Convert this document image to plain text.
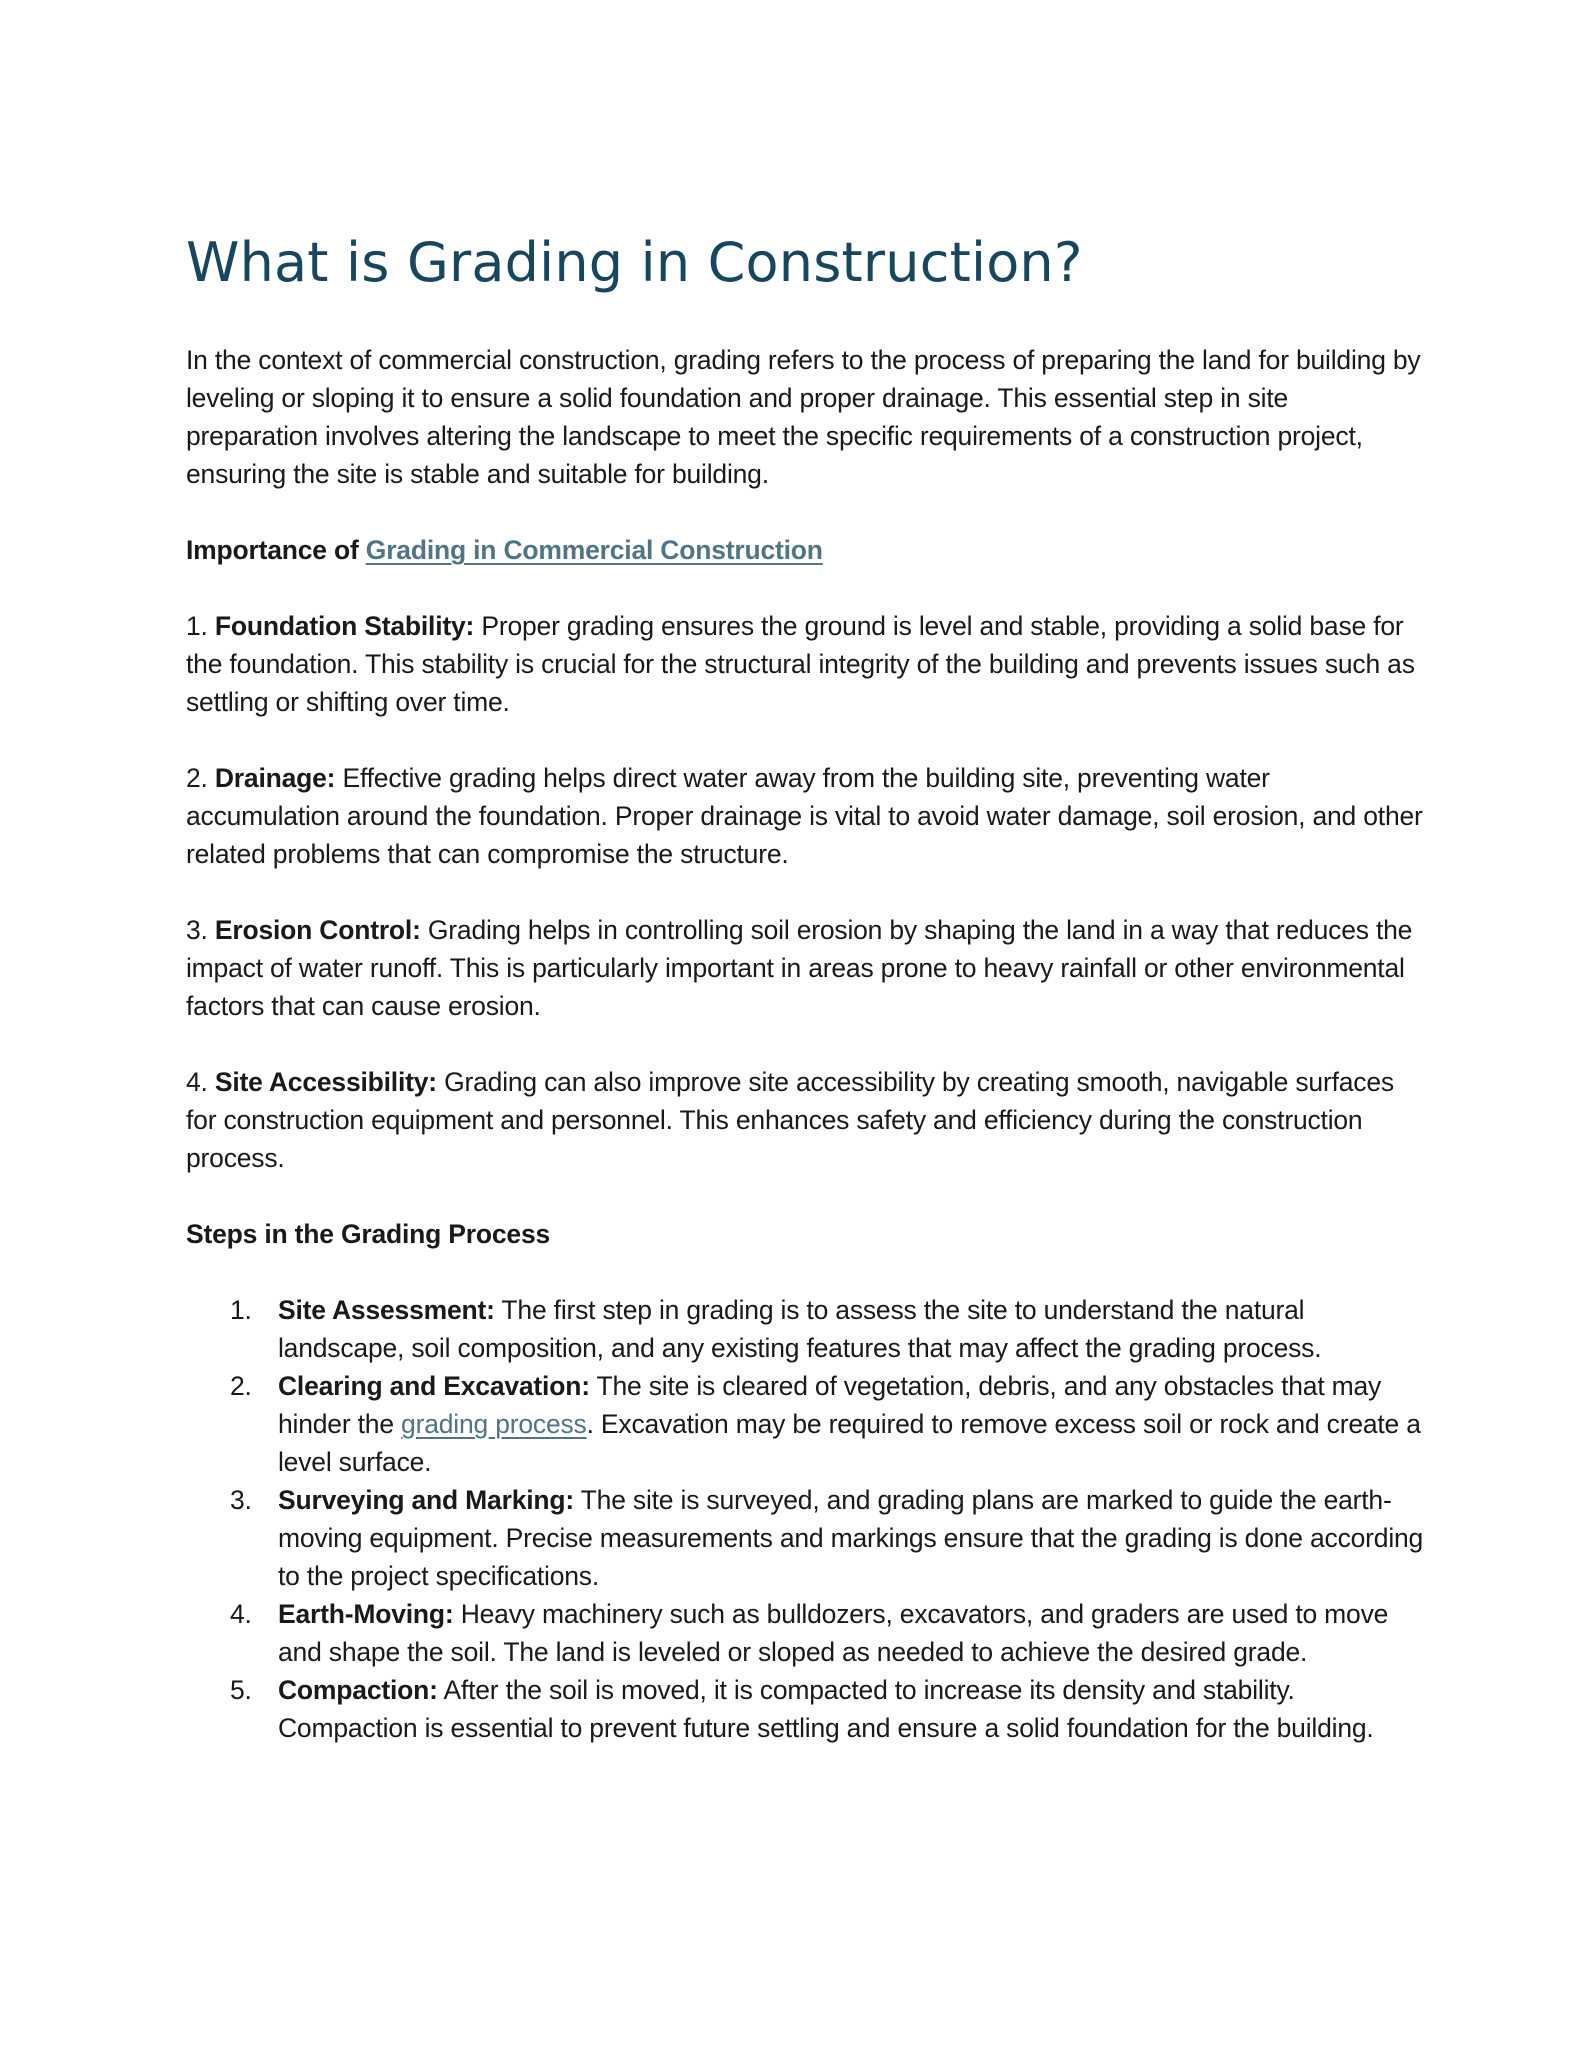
What is Grading in Construction?

In the context of commercial construction, grading refers to the process of preparing the land for building by leveling or sloping it to ensure a solid foundation and proper drainage. This essential step in site preparation involves altering the landscape to meet the specific requirements of a construction project, ensuring the site is stable and suitable for building.

Importance of Grading in Commercial Construction

1. Foundation Stability: Proper grading ensures the ground is level and stable, providing a solid base for the foundation. This stability is crucial for the structural integrity of the building and prevents issues such as settling or shifting over time.

2. Drainage: Effective grading helps direct water away from the building site, preventing water accumulation around the foundation. Proper drainage is vital to avoid water damage, soil erosion, and other related problems that can compromise the structure.

3. Erosion Control: Grading helps in controlling soil erosion by shaping the land in a way that reduces the impact of water runoff. This is particularly important in areas prone to heavy rainfall or other environmental factors that can cause erosion.

4. Site Accessibility: Grading can also improve site accessibility by creating smooth, navigable surfaces for construction equipment and personnel. This enhances safety and efficiency during the construction process.

Steps in the Grading Process

1. Site Assessment: The first step in grading is to assess the site to understand the natural landscape, soil composition, and any existing features that may affect the grading process.
2. Clearing and Excavation: The site is cleared of vegetation, debris, and any obstacles that may hinder the grading process. Excavation may be required to remove excess soil or rock and create a level surface.
3. Surveying and Marking: The site is surveyed, and grading plans are marked to guide the earth-moving equipment. Precise measurements and markings ensure that the grading is done according to the project specifications.
4. Earth-Moving: Heavy machinery such as bulldozers, excavators, and graders are used to move and shape the soil. The land is leveled or sloped as needed to achieve the desired grade.
5. Compaction: After the soil is moved, it is compacted to increase its density and stability. Compaction is essential to prevent future settling and ensure a solid foundation for the building.
